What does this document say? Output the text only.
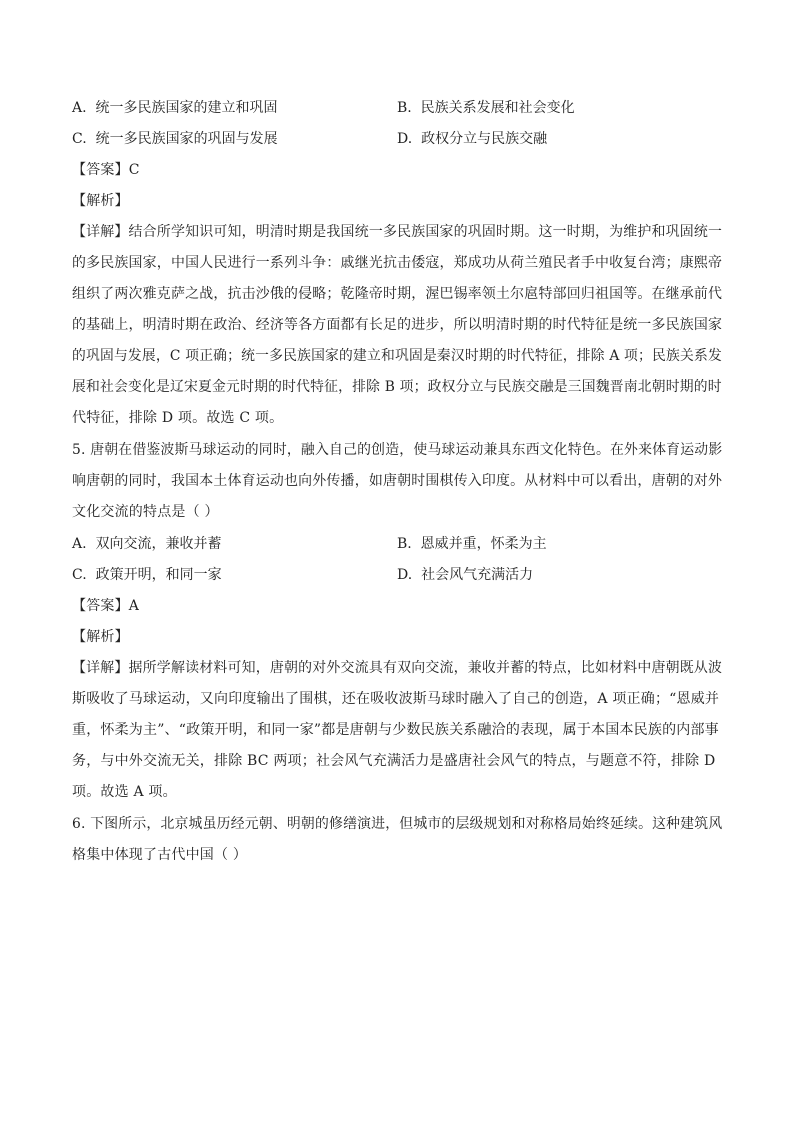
A. 统一多民族国家的建立和巩固	B. 民族关系发展和社会变化
C. 统一多民族国家的巩固与发展	D. 政权分立与民族交融
【答案】C
【解析】
【详解】结合所学知识可知，明清时期是我国统一多民族国家的巩固时期。这一时期，为维护和巩固统一
的多民族国家，中国人民进行一系列斗争：戚继光抗击倭寇，郑成功从荷兰殖民者手中收复台湾；康熙帝
组织了两次雅克萨之战，抗击沙俄的侵略；乾隆帝时期，渥巴锡率领土尔扈特部回归祖国等。在继承前代
的基础上，明清时期在政治、经济等各方面都有长足的进步，所以明清时期的时代特征是统一多民族国家
的巩固与发展，C 项正确；统一多民族国家的建立和巩固是秦汉时期的时代特征，排除 A 项；民族关系发
展和社会变化是辽宋夏金元时期的时代特征，排除 B 项；政权分立与民族交融是三国魏晋南北朝时期的时
代特征，排除 D 项。故选 C 项。
5. 唐朝在借鉴波斯马球运动的同时，融入自己的创造，使马球运动兼具东西文化特色。在外来体育运动影
响唐朝的同时，我国本土体育运动也向外传播，如唐朝时围棋传入印度。从材料中可以看出，唐朝的对外
文化交流的特点是（ ）
A. 双向交流，兼收并蓄	B. 恩威并重，怀柔为主
C. 政策开明，和同一家	D. 社会风气充满活力
【答案】A
【解析】
【详解】据所学解读材料可知，唐朝的对外交流具有双向交流，兼收并蓄的特点，比如材料中唐朝既从波
斯吸收了马球运动，又向印度输出了围棋，还在吸收波斯马球时融入了自己的创造，A 项正确；“恩威并
重，怀柔为主”、“政策开明，和同一家”都是唐朝与少数民族关系融洽的表现，属于本国本民族的内部事
务，与中外交流无关，排除 BC 两项；社会风气充满活力是盛唐社会风气的特点，与题意不符，排除 D
项。故选 A 项。
6. 下图所示，北京城虽历经元朝、明朝的修缮演进，但城市的层级规划和对称格局始终延续。这种建筑风
格集中体现了古代中国（ ）
